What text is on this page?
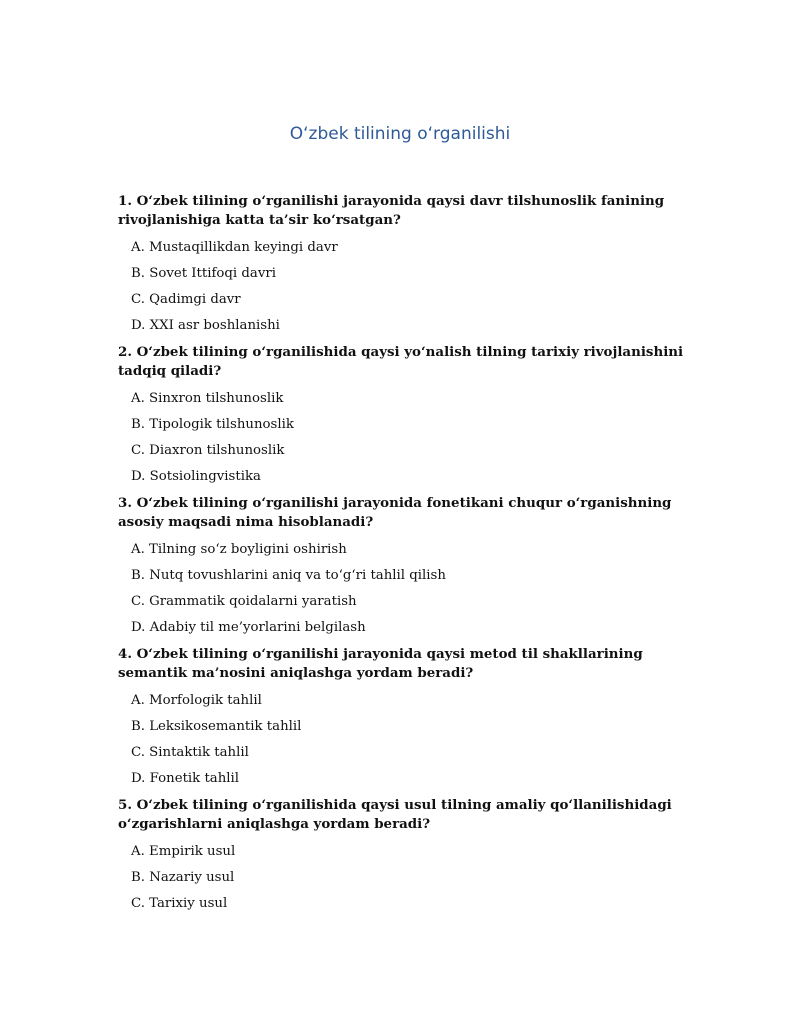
O‘zbek tilining o‘rganilishi

1. O‘zbek tilining o‘rganilishi jarayonida qaysi davr tilshunoslik fanining rivojlanishiga katta ta’sir ko‘rsatgan?

A. Mustaqillikdan keyingi davr

B. Sovet Ittifoqi davri

C. Qadimgi davr

D. XXI asr boshlanishi

2. O‘zbek tilining o‘rganilishida qaysi yo‘nalish tilning tarixiy rivojlanishini tadqiq qiladi?

A. Sinxron tilshunoslik

B. Tipologik tilshunoslik

C. Diaxron tilshunoslik

D. Sotsiolingvistika

3. O‘zbek tilining o‘rganilishi jarayonida fonetikani chuqur o‘rganishning asosiy maqsadi nima hisoblanadi?

A. Tilning so‘z boyligini oshirish

B. Nutq tovushlarini aniq va to‘g‘ri tahlil qilish

C. Grammatik qoidalarni yaratish

D. Adabiy til me’yorlarini belgilash

4. O‘zbek tilining o‘rganilishi jarayonida qaysi metod til shakllarining semantik ma’nosini aniqlashga yordam beradi?

A. Morfologik tahlil

B. Leksikosemantik tahlil

C. Sintaktik tahlil

D. Fonetik tahlil

5. O‘zbek tilining o‘rganilishida qaysi usul tilning amaliy qo‘llanilishidagi o‘zgarishlarni aniqlashga yordam beradi?

A. Empirik usul

B. Nazariy usul

C. Tarixiy usul
